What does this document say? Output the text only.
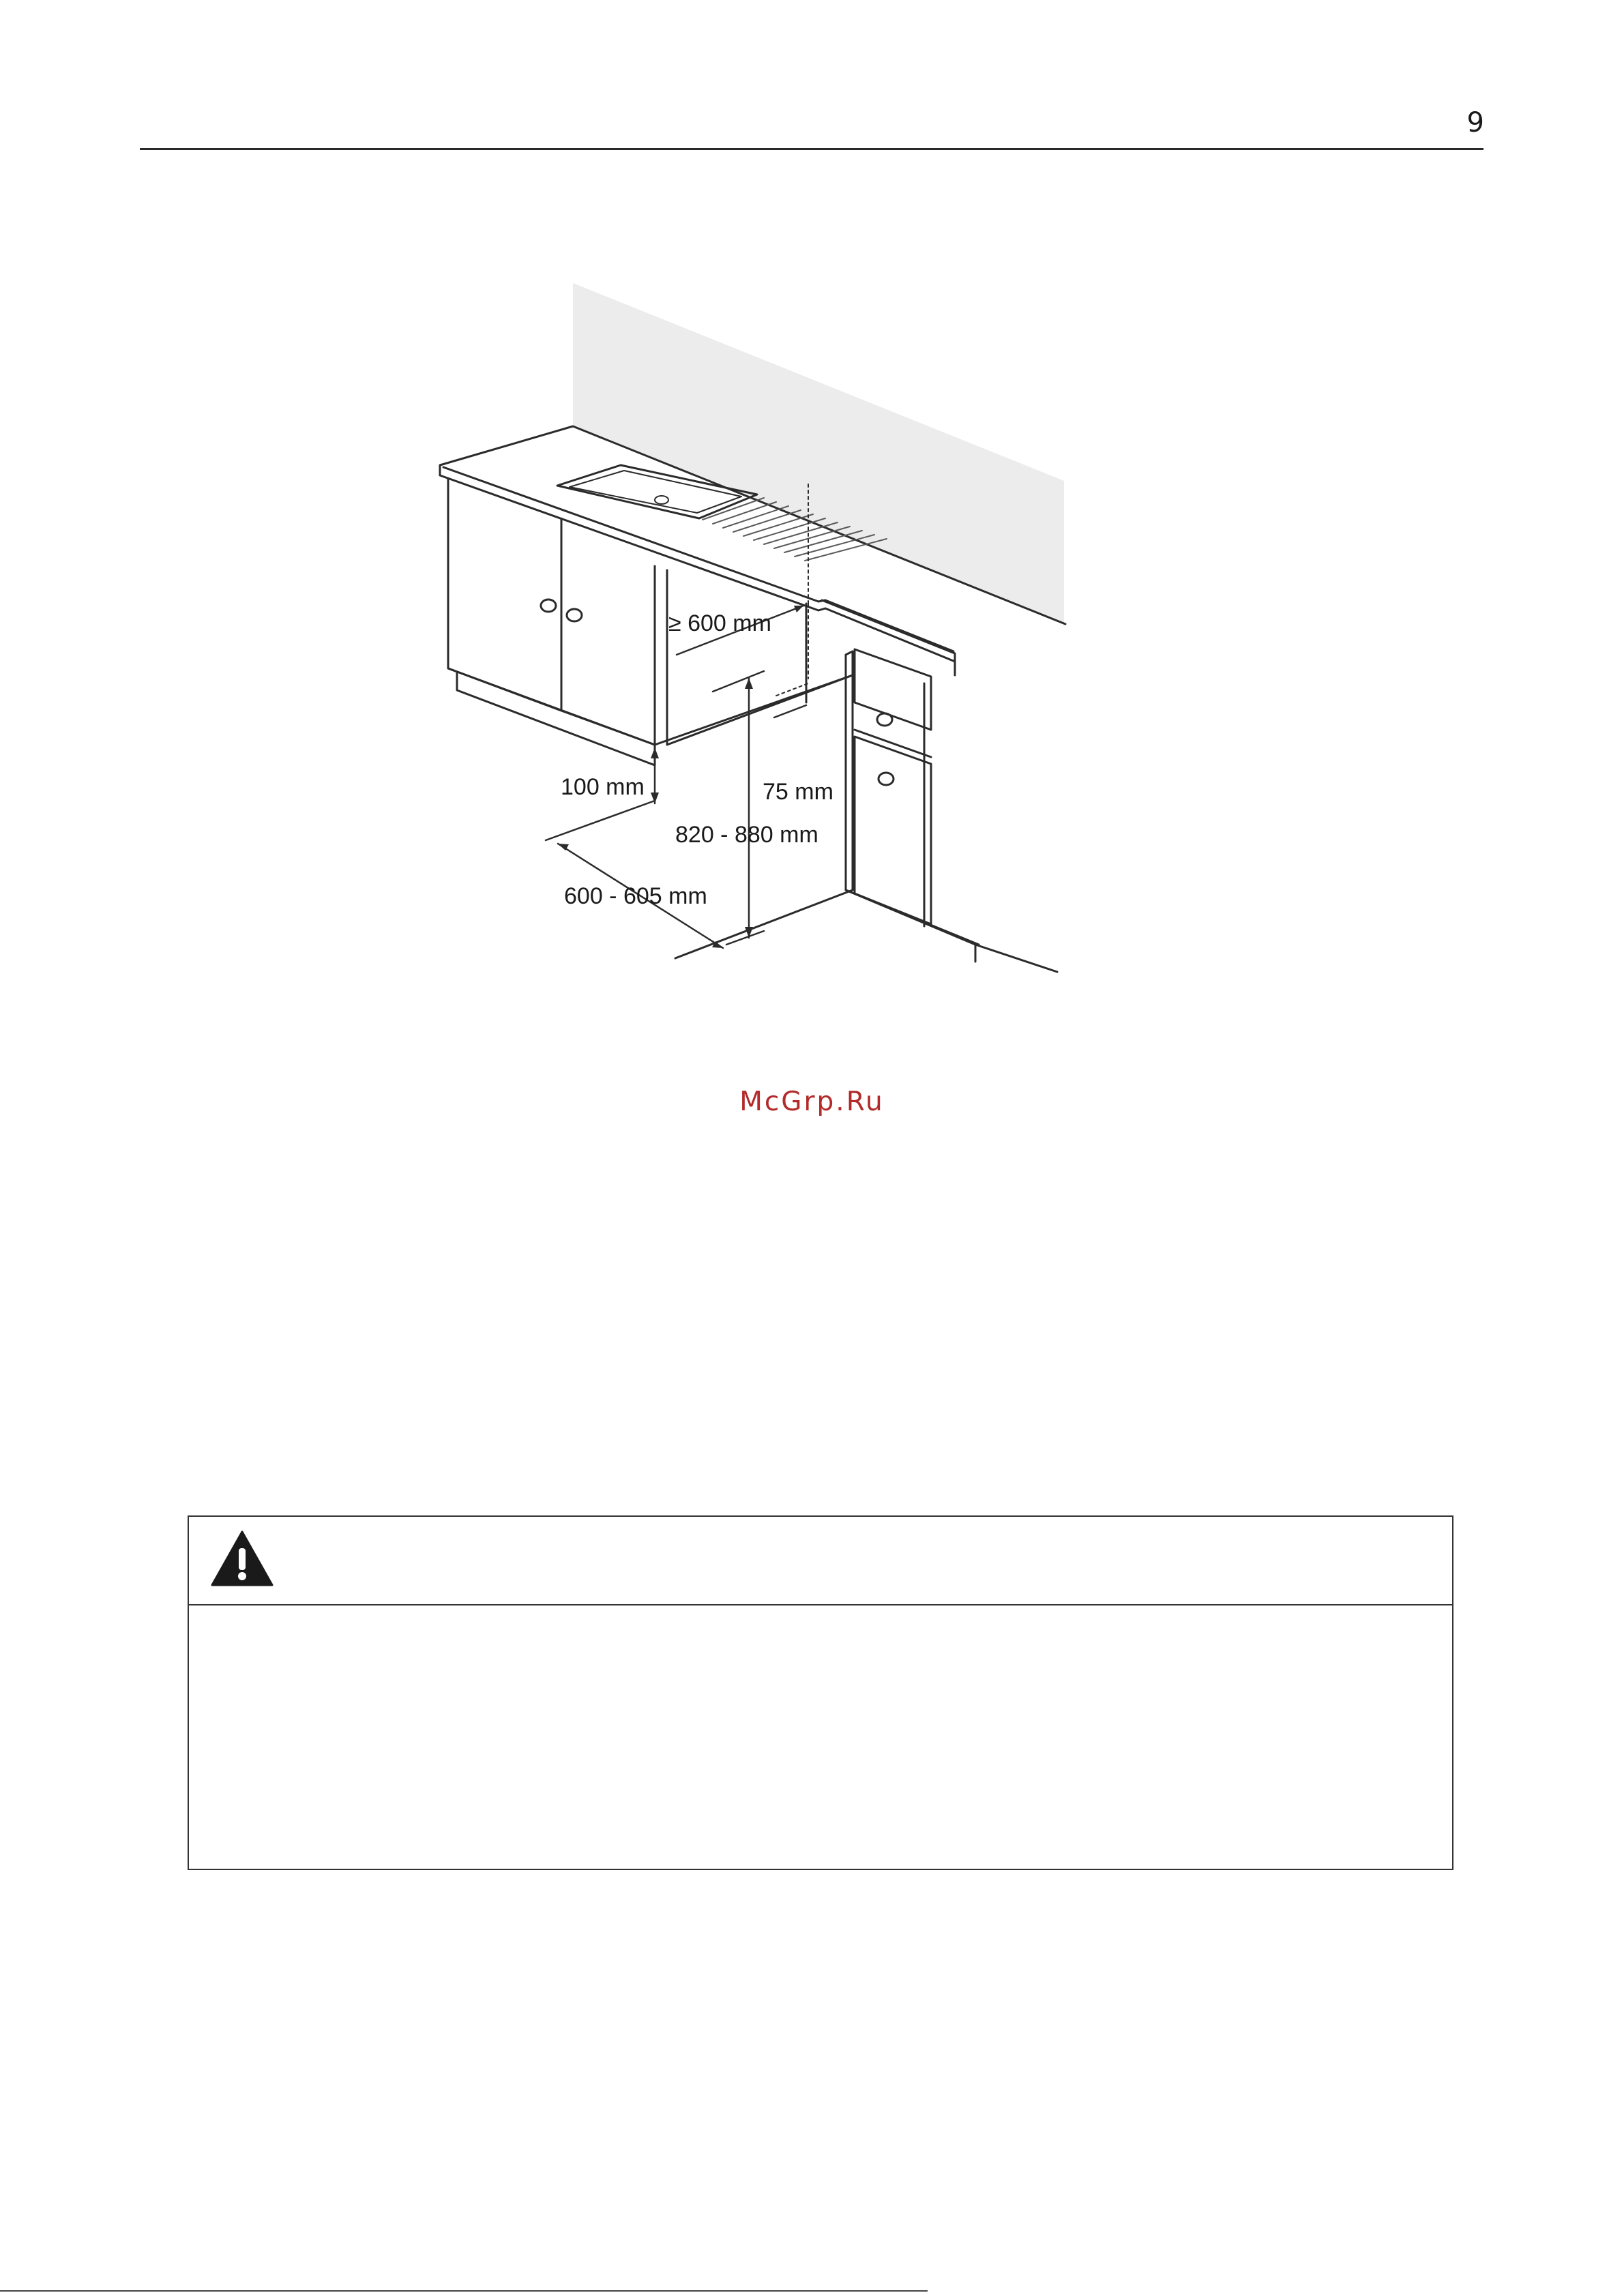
9
≥ 600 mm
100 mm	75 mm
820 - 880 mm
600 - 605 mm
McGrp.Ru
